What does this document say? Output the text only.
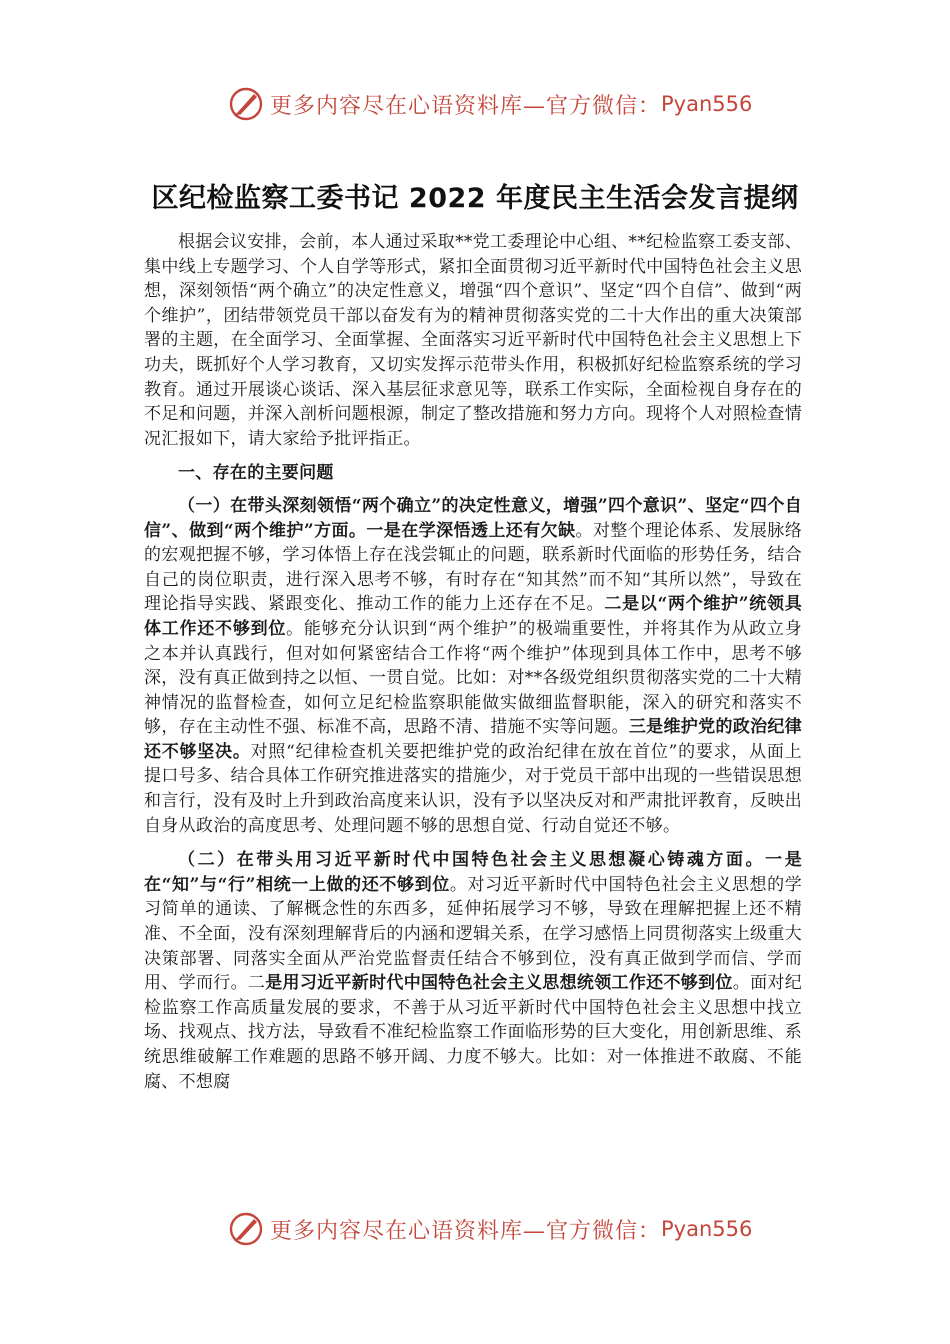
更多内容尽在心语资料库—官方微信： Pyan556
区纪检监察工委书记 2022 年度民主生活会发言提纲

根据会议安排，会前，本人通过采取**党工委理论中心组、**纪检监察工委支部、集中线上专题学习、个人自学等形式，紧扣全面贯彻习近平新时代中国特色社会主义思想，深刻领悟“两个确立”的决定性意义，增强“四个意识”、坚定“四个自信”、做到“两个维护”，团结带领党员干部以奋发有为的精神贯彻落实党的二十大作出的重大决策部署的主题，在全面学习、全面掌握、全面落实习近平新时代中国特色社会主义思想上下功夫，既抓好个人学习教育，又切实发挥示范带头作用，积极抓好纪检监察系统的学习教育。通过开展谈心谈话、深入基层征求意见等，联系工作实际，全面检视自身存在的不足和问题，并深入剖析问题根源，制定了整改措施和努力方向。现将个人对照检查情况汇报如下，请大家给予批评指正。

一、存在的主要问题

（一）在带头深刻领悟“两个确立”的决定性意义，增强”四个意识”、坚定“四个自信”、做到“两个维护”方面。一是在学深悟透上还有欠缺。对整个理论体系、发展脉络的宏观把握不够，学习体悟上存在浅尝辄止的问题，联系新时代面临的形势任务，结合自己的岗位职责，进行深入思考不够，有时存在“知其然”而不知“其所以然”，导致在理论指导实践、紧跟变化、推动工作的能力上还存在不足。二是以“两个维护”统领具体工作还不够到位。能够充分认识到“两个维护”的极端重要性，并将其作为从政立身之本并认真践行，但对如何紧密结合工作将“两个维护”体现到具体工作中，思考不够深，没有真正做到持之以恒、一贯自觉。比如：对**各级党组织贯彻落实党的二十大精神情况的监督检查，如何立足纪检监察职能做实做细监督职能，深入的研究和落实不够，存在主动性不强、标准不高，思路不清、措施不实等问题。三是维护党的政治纪律还不够坚决。对照“纪律检查机关要把维护党的政治纪律在放在首位”的要求，从面上提口号多、结合具体工作研究推进落实的措施少，对于党员干部中出现的一些错误思想和言行，没有及时上升到政治高度来认识，没有予以坚决反对和严肃批评教育，反映出自身从政治的高度思考、处理问题不够的思想自觉、行动自觉还不够。

（二）在带头用习近平新时代中国特色社会主义思想凝心铸魂方面。一是在“知”与“行”相统一上做的还不够到位。对习近平新时代中国特色社会主义思想的学习简单的通读、了解概念性的东西多，延伸拓展学习不够，导致在理解把握上还不精准、不全面，没有深刻理解背后的内涵和逻辑关系，在学习感悟上同贯彻落实上级重大决策部署、同落实全面从严治党监督责任结合不够到位，没有真正做到学而信、学而用、学而行。二是用习近平新时代中国特色社会主义思想统领工作还不够到位。面对纪检监察工作高质量发展的要求，不善于从习近平新时代中国特色社会主义思想中找立场、找观点、找方法，导致看不准纪检监察工作面临形势的巨大变化，用创新思维、系统思维破解工作难题的思路不够开阔、力度不够大。比如：对一体推进不敢腐、不能腐、不想腐

更多内容尽在心语资料库—官方微信： Pyan556
